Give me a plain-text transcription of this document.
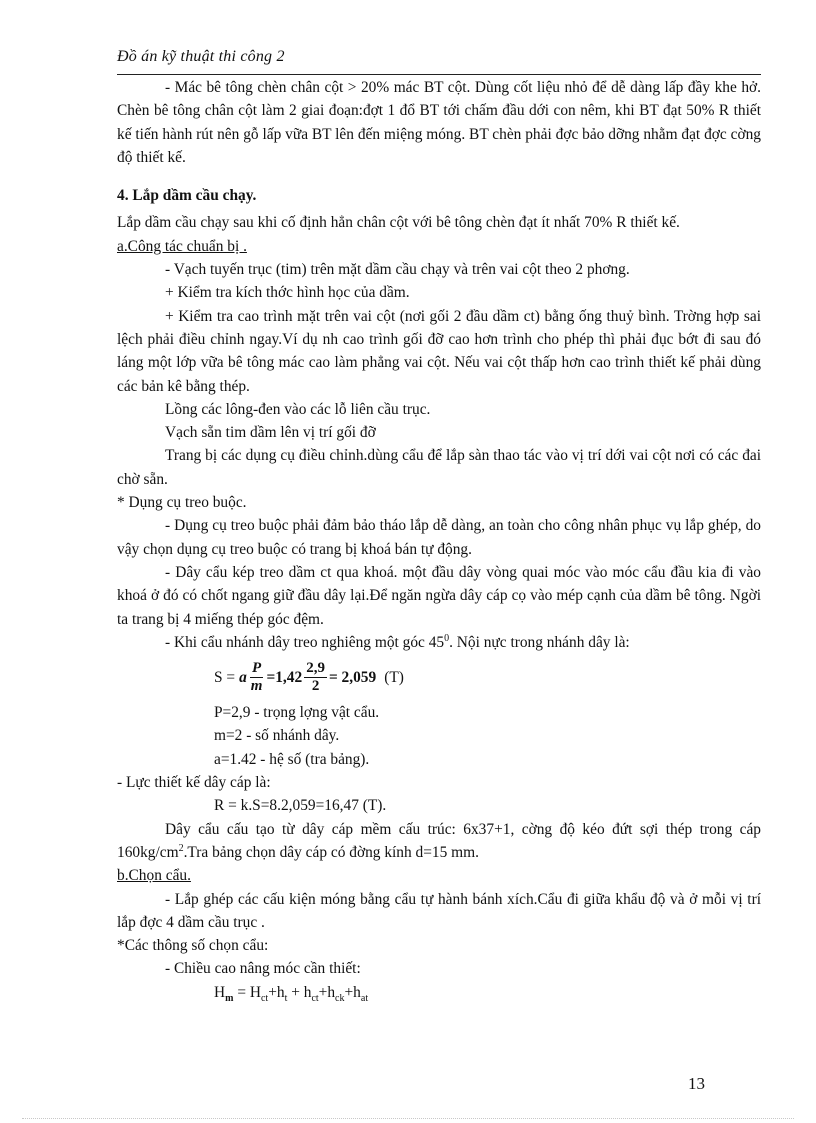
Đồ án kỹ thuật thi công 2

- Mác bê tông chèn chân cột > 20% mác BT cột. Dùng cốt liệu nhỏ để dễ dàng lấp đầy khe hở. Chèn bê tông chân cột làm 2 giai đoạn:đợt 1 đổ BT tới chấm đầu dới con nêm, khi BT đạt 50% R thiết kế tiến hành rút nên gỗ lấp vữa BT lên đến miệng móng. BT chèn phải đợc bảo dỡng nhằm đạt đợc cờng độ thiết kế.

4. Lắp dầm cầu chạy.

Lắp dầm cầu chạy sau khi cố định hẳn chân cột với bê tông chèn đạt ít nhất 70% R thiết kế.

a.Công tác chuẩn bị .

- Vạch tuyến trục (tim) trên mặt dầm cầu chạy và trên vai cột theo 2 phơng.

+ Kiểm tra kích thớc hình học của dầm.

+ Kiểm tra cao trình mặt trên vai cột (nơi gối 2 đầu dầm ct) bằng ống thuỷ bình. Trờng hợp sai lệch phải điều chỉnh ngay.Ví dụ nh cao trình gối đỡ cao hơn trình cho phép thì phải đục bớt đi sau đó láng một lớp vữa bê tông mác cao làm phẳng vai cột. Nếu vai cột thấp hơn cao trình thiết kế phải dùng các bản kê bằng thép.

Lồng các lông-đen vào các lỗ liên cầu trục.

Vạch sẵn tim dầm lên vị trí gối đỡ

Trang bị các dụng cụ điều chỉnh.dùng cẩu để lắp sàn thao tác vào vị trí dới vai cột nơi có các đai chờ sẵn.

* Dụng cụ treo buộc.

- Dụng cụ treo buộc phải đảm bảo tháo lắp dễ dàng, an toàn cho công nhân phục vụ lắp ghép, do vậy chọn dụng cụ treo buộc có trang bị khoá bán tự động.

- Dây cẩu kép treo dầm ct qua khoá. một đầu dây vòng quai móc vào móc cẩu đầu kia đi vào khoá ở đó có chốt ngang giữ đầu dây lại.Để ngăn ngừa dây cáp cọ vào mép cạnh của dầm bê tông. Ngời ta trang bị 4 miếng thép góc đệm.

- Khi cẩu nhánh dây treo nghiêng một góc $45^0$. Nội nực trong nhánh dây là:

S = a $\frac{P}{m} =1,42 \frac{2,9}{2} = 2,059$ (T)

P=2,9 - trọng lợng vật cẩu.

m=2 - số nhánh dây.

a=1.42 - hệ số (tra bảng).

- Lực thiết kế dây cáp là:

R = k.S=8.2,059=16,47 (T).

Dây cẩu cấu tạo từ dây cáp mềm cấu trúc: 6x37+1, cờng độ kéo đứt sợi thép trong cáp $160kg/cm^2.Tra$ bảng chọn dây cáp có đờng kính d=15 mm.

b.Chọn cẩu.

- Lắp ghép các cấu kiện móng bằng cẩu tự hành bánh xích.Cẩu đi giữa khẩu độ và ở mỗi vị trí lắp đợc 4 dầm cầu trục .

*Các thông số chọn cẩu:

- Chiều cao nâng móc cần thiết:

$H_m = H_{ct}+h_t + h_{ct}+h_{ck}+h_{at}$

13
